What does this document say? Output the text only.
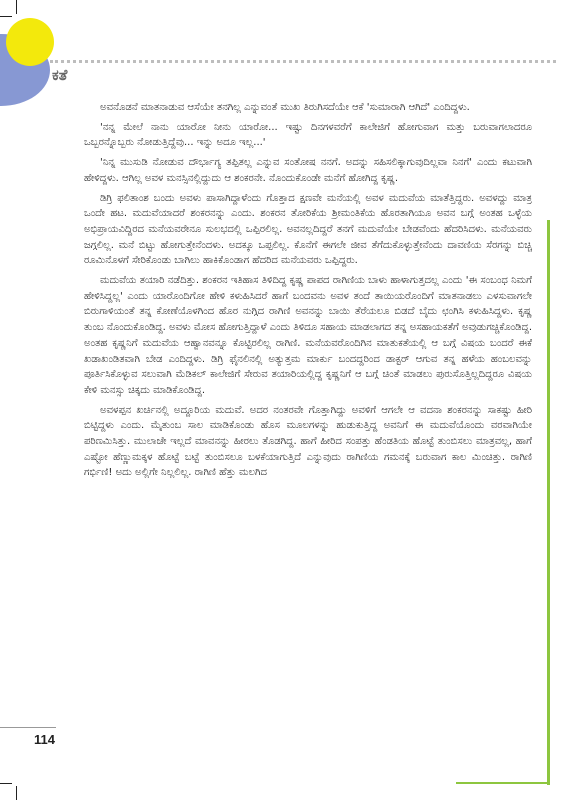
ಕತೆ

ಅವನೊಡನೆ ಮಾತನಾಡುವ ಆಸೆಯೇ ತನಗಿಲ್ಲ ಎನ್ನುವಂತೆ ಮುಖ ತಿರುಗಿಸದೆಯೇ ಆಕೆ 'ಸುಮಾರಾಗಿ ಆಗಿದೆ' ಎಂದಿದ್ದಳು.

'ನನ್ನ ಮೇಲೆ ನಾನು ಯಾರೋ ನೀನು ಯಾರೋ... ಇಷ್ಟು ದಿನಗಳವರೆಗೆ ಕಾಲೇಜಿಗೆ ಹೋಗುವಾಗ ಮತ್ತು ಬರುವಾಗಲಾದರೂ ಒಬ್ಬರನ್ನೊಬ್ಬರು ನೋಡುತ್ತಿದ್ದೆವು... ಇನ್ನು ಅದೂ ಇಲ್ಲ...'

'ನಿನ್ನ ಮುಸುಡಿ ನೋಡುವ ದೌರ್ಭಾಗ್ಯ ತಪ್ಪಿತಲ್ಲ ಎನ್ನುವ ಸಂತೋಷ ನನಗೆ. ಅದನ್ನು ಸಹಿಸಲಿಕ್ಕಾಗುವುದಿಲ್ಲವಾ ನಿನಗೆ' ಎಂದು ಕಟುವಾಗಿ ಹೇಳಿದ್ದಳು. ಆಗಿಲ್ಲ ಅವಳ ಮನಸ್ಸಿನಲ್ಲಿದ್ದುದು ಆ ಶಂಕರನೇ. ನೊಂದುಕೊಂಡೇ ಮನೆಗೆ ಹೋಗಿದ್ದ ಕೃಷ್ಣ.

ಡಿಗ್ರಿ ಫಲಿತಾಂಶ ಬಂದು ಅವಳು ಪಾಸಾಗಿದ್ದಾಳೆಂದು ಗೊತ್ತಾದ ಕ್ಷಣವೇ ಮನೆಯಲ್ಲಿ ಅವಳ ಮದುವೆಯ ಮಾತೆತ್ತಿದ್ದರು. ಅವಳದ್ದು ಮಾತ್ರ ಒಂದೇ ಹಟ. ಮದುವೆಯಾದರೆ ಶಂಕರನನ್ನು ಎಂದು. ಶಂಕರನ ತೋರಿಕೆಯ ಶ್ರೀಮಂತಿಕೆಯ ಹೊರತಾಗಿಯೂ ಅವನ ಬಗ್ಗೆ ಅಂತಹ ಒಳ್ಳೆಯ ಅಭಿಪ್ರಾಯವಿದ್ದಿರದ ಮನೆಯವರೇನೂ ಸುಲಭದಲ್ಲಿ ಒಪ್ಪಿರಲಿಲ್ಲ. ಅವನಲ್ಲದಿದ್ದರೆ ತನಗೆ ಮದುವೆಯೇ ಬೇಡವೆಂದು ಹೆದರಿಸಿದಳು. ಮನೆಯವರು ಜಗ್ಗಲಿಲ್ಲ. ಮನೆ ಬಿಟ್ಟು ಹೋಗುತ್ತೇನೆಂದಳು. ಅದಕ್ಕೂ ಒಪ್ಪಲಿಲ್ಲ. ಕೊನೆಗೆ ಈಗಲೇ ಜೀವ ತೆಗೆದುಕೊಳ್ಳುತ್ತೇನೆಂದು ದಾವಣಿಯ ಸೆರಗನ್ನು ಬಿಚ್ಚಿ ರೂಮಿನೊಳಗೆ ಸೇರಿಕೊಂಡು ಬಾಗಿಲು ಹಾಕಿಕೊಂಡಾಗ ಹೆದರಿದ ಮನೆಯವರು ಒಪ್ಪಿದ್ದರು.

ಮದುವೆಯ ತಯಾರಿ ನಡೆದಿತ್ತು. ಶಂಕರನ ಇತಿಹಾಸ ತಿಳಿದಿದ್ದ ಕೃಷ್ಣ ಪಾಪದ ರಾಗಿಣಿಯ ಬಾಳು ಹಾಳಾಗುತ್ತದಲ್ಲ ಎಂದು 'ಈ ಸಂಬಂಧ ನಿಮಗೆ ಹೇಳಿಸಿದ್ದಲ್ಲ' ಎಂದು ಯಾರೊಂದಿಗೋ ಹೇಳಿ ಕಳುಹಿಸಿದರೆ ಹಾಗೆ ಬಂದವನು ಅವಳ ತಂದೆ ತಾಯಿಯರೊಂದಿಗೆ ಮಾತನಾಡಲು ಎಳಸುವಾಗಲೇ ಬಿರುಗಾಳಿಯಂತೆ ತನ್ನ ಕೋಣೆಯೊಳಗಿಂದ ಹೊರ ನುಗ್ಗಿದ ರಾಗಿಣಿ ಅವನನ್ನು ಬಾಯಿ ತೆರೆಯಲೂ ಬಿಡದೆ ಬೈದು ಛಂಗಿಸಿ ಕಳುಹಿಸಿದ್ದಳು. ಕೃಷ್ಣ ತುಂಬ ನೊಂದುಕೊಂಡಿದ್ದ. ಅವಳು ಮೋಸ ಹೋಗುತ್ತಿದ್ದಾಳೆ ಎಂದು ತಿಳಿದೂ ಸಹಾಯ ಮಾಡಲಾಗದ ತನ್ನ ಅಸಹಾಯಕತೆಗೆ ಅವುಡುಗಚ್ಚಿಕೊಂಡಿದ್ದ. ಅಂತಹ ಕೃಷ್ಣನಿಗೆ ಮದುವೆಯ ಆಹ್ವಾನವನ್ನೂ ಕೊಟ್ಟಿರಲಿಲ್ಲ ರಾಗಿಣಿ. ಮನೆಯವರೊಂದಿಗಿನ ಮಾತುಕತೆಯಲ್ಲಿ ಆ ಬಗ್ಗೆ ವಿಷಯ ಬಂದರೆ ಈಕೆ ಖಡಾಖಂಡಿತವಾಗಿ ಬೇಡ ಎಂದಿದ್ದಳು. ಡಿಗ್ರಿ ಫೈನಲಿನಲ್ಲಿ ಅತ್ಯುತ್ತಮ ಮಾರ್ಕು ಬಂದದ್ದರಿಂದ ಡಾಕ್ಟರ್ ಆಗುವ ತನ್ನ ಹಳೆಯ ಹಂಬಲವನ್ನು ಪೂರ್ತಿಸಿಕೊಳ್ಳುವ ಸಲುವಾಗಿ ಮೆಡಿಕಲ್ ಕಾಲೇಜಿಗೆ ಸೇರುವ ತಯಾರಿಯಲ್ಲಿದ್ದ ಕೃಷ್ಣನಿಗೆ ಆ ಬಗ್ಗೆ ಚಿಂತೆ ಮಾಡಲು ಪುರುಸೊತ್ತಿಲ್ಲದಿದ್ದರೂ ವಿಷಯ ಕೇಳಿ ಮನಸ್ಸು ಚಿಕ್ಕದು ಮಾಡಿಕೊಂಡಿದ್ದ.

ಅವಳಪ್ಪನ ಖರ್ಚಿನಲ್ಲಿ ಅದ್ದೂರಿಯ ಮದುವೆ. ಅದರ ನಂತರವೇ ಗೊತ್ತಾಗಿದ್ದು ಅವಳಿಗೆ ಆಗಲೇ ಆ ವದನಾ ಶಂಕರನನ್ನು ಸಾಕಷ್ಟು ಹೀರಿ ಬಿಟ್ಟಿದ್ದಳು ಎಂದು. ಮೈತುಂಬ ಸಾಲ ಮಾಡಿಕೊಂಡು ಹೊಸ ಮೂಲಗಳನ್ನು ಹುಡುಕುತ್ತಿದ್ದ ಅವನಿಗೆ ಈ ಮದುವೆಯೊಂದು ವರವಾಗಿಯೇ ಪರಿಣಮಿಸಿತ್ತು. ಮುಲಾಜೇ ಇಲ್ಲದೆ ಮಾವನನ್ನು ಹೀರಲು ತೊಡಗಿದ್ದ. ಹಾಗೆ ಹೀರಿದ ಸಂಪತ್ತು ಹೆಂಡತಿಯ ಹೊಟ್ಟೆ ತುಂಬಿಸಲು ಮಾತ್ರವಲ್ಲ, ಹಾಗೆ ಎಷ್ಟೋ ಹೆಣ್ಣುಮಕ್ಕಳ ಹೊಟ್ಟೆ ಬಟ್ಟೆ ತುಂಬಿಸಲೂ ಬಳಕೆಯಾಗುತ್ತಿದೆ ಎನ್ನುವುದು ರಾಗಿಣಿಯ ಗಮನಕ್ಕೆ ಬರುವಾಗ ಕಾಲ ಮಿಂಚಿತ್ತು. ರಾಗಿಣಿ ಗರ್ಭಿಣಿ! ಅದು ಅಲ್ಲಿಗೇ ನಿಲ್ಲಲಿಲ್ಲ. ರಾಗಿಣಿ ಹೆತ್ತು ಮಲಗಿದ

114
